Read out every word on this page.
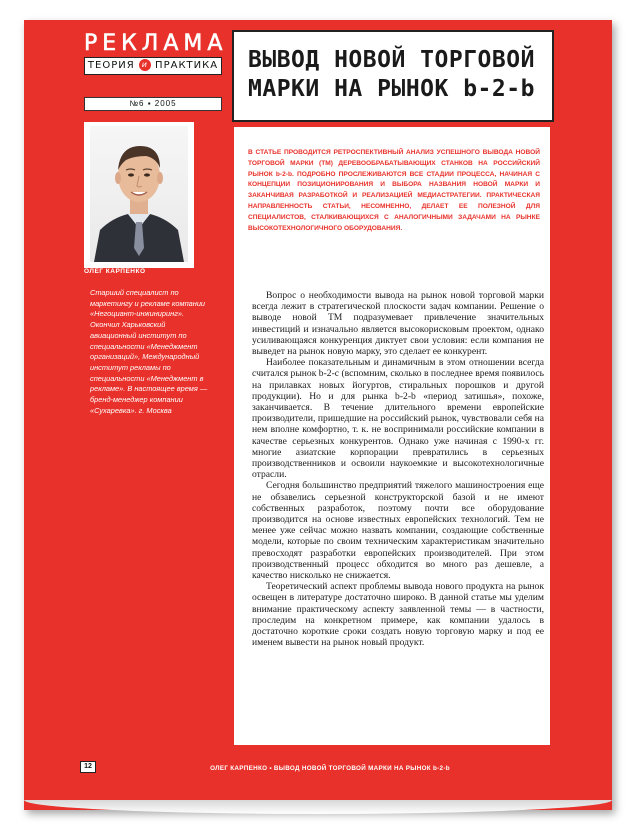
РЕКЛАМА
ТЕОРИЯ и ПРАКТИКА ВЫВОД НОВОЙ ТОРГОВОЙ МАРКИ НА РЫНОК b-2-b
№6 ▪ 2005
ОЛЕГ КАРПЕНКО

Старший специалист по маркетингу и рекламе компании «Негоциант-инжиниринг». Окончил Харьковский авиационный институт по специальности «Менеджмент организаций», Международный институт рекламы по специальности «Менеджмент в рекламе». В настоящее время — бренд-менеджер компании «Сухаревка». г. Москва

В СТАТЬЕ ПРОВОДИТСЯ РЕТРОСПЕКТИВНЫЙ АНАЛИЗ УСПЕШНОГО ВЫВОДА НОВОЙ ТОРГОВОЙ МАРКИ (ТМ) ДЕРЕВООБРАБАТЫВАЮЩИХ СТАНКОВ НА РОССИЙСКИЙ РЫНОК b-2-b. ПОДРОБНО ПРОСЛЕЖИВАЮТСЯ ВСЕ СТАДИИ ПРОЦЕССА, НАЧИНАЯ С КОНЦЕПЦИИ ПОЗИЦИОНИРОВАНИЯ И ВЫБОРА НАЗВАНИЯ НОВОЙ МАРКИ И ЗАКАНЧИВАЯ РАЗРАБОТКОЙ И РЕАЛИЗАЦИЕЙ МЕДИАСТРАТЕГИИ. ПРАКТИЧЕСКАЯ НАПРАВЛЕННОСТЬ СТАТЬИ, НЕСОМНЕННО, ДЕЛАЕТ ЕЕ ПОЛЕЗНОЙ ДЛЯ СПЕЦИАЛИСТОВ, СТАЛКИВАЮЩИХСЯ С АНАЛОГИЧНЫМИ ЗАДАЧАМИ НА РЫНКЕ ВЫСОКОТЕХНОЛОГИЧНОГО ОБОРУДОВАНИЯ.

Вопрос о необходимости вывода на рынок новой торговой марки всегда лежит в стратегической плоскости задач компании. Решение о выводе новой ТМ подразумевает привлечение значительных инвестиций и изначально является высокорисковым проектом, однако усиливающаяся конкуренция диктует свои условия: если компания не выведет на рынок новую марку, это сделает ее конкурент.

Наиболее показательным и динамичным в этом отношении всегда считался рынок b-2-c (вспомним, сколько в последнее время появилось на прилавках новых йогуртов, стиральных порошков и другой продукции). Но и для рынка b-2-b «период затишья», похоже, заканчивается. В течение длительного времени европейские производители, пришедшие на российский рынок, чувствовали себя на нем вполне комфортно, т. к. не воспринимали российские компании в качестве серьезных конкурентов. Однако уже начиная с 1990-х гг. многие азиатские корпорации превратились в серьезных производственников и освоили наукоемкие и высокотехнологичные отрасли.

Сегодня большинство предприятий тяжелого машиностроения еще не обзавелись серьезной конструкторской базой и не имеют собственных разработок, поэтому почти все оборудование производится на основе известных европейских технологий. Тем не менее уже сейчас можно назвать компании, создающие собственные модели, которые по своим техническим характеристикам значительно превосходят разработки европейских производителей. При этом производственный процесс обходится во много раз дешевле, а качество нисколько не снижается.

Теоретический аспект проблемы вывода нового продукта на рынок освещен в литературе достаточно широко. В данной статье мы уделим внимание практическому аспекту заявленной темы — в частности, проследим на конкретном примере, как компании удалось в достаточно короткие сроки создать новую торговую марку и под ее именем вывести на рынок новый продукт.

12	ОЛЕГ КАРПЕНКО ▪ ВЫВОД НОВОЙ ТОРГОВОЙ МАРКИ НА РЫНОК b-2-b
